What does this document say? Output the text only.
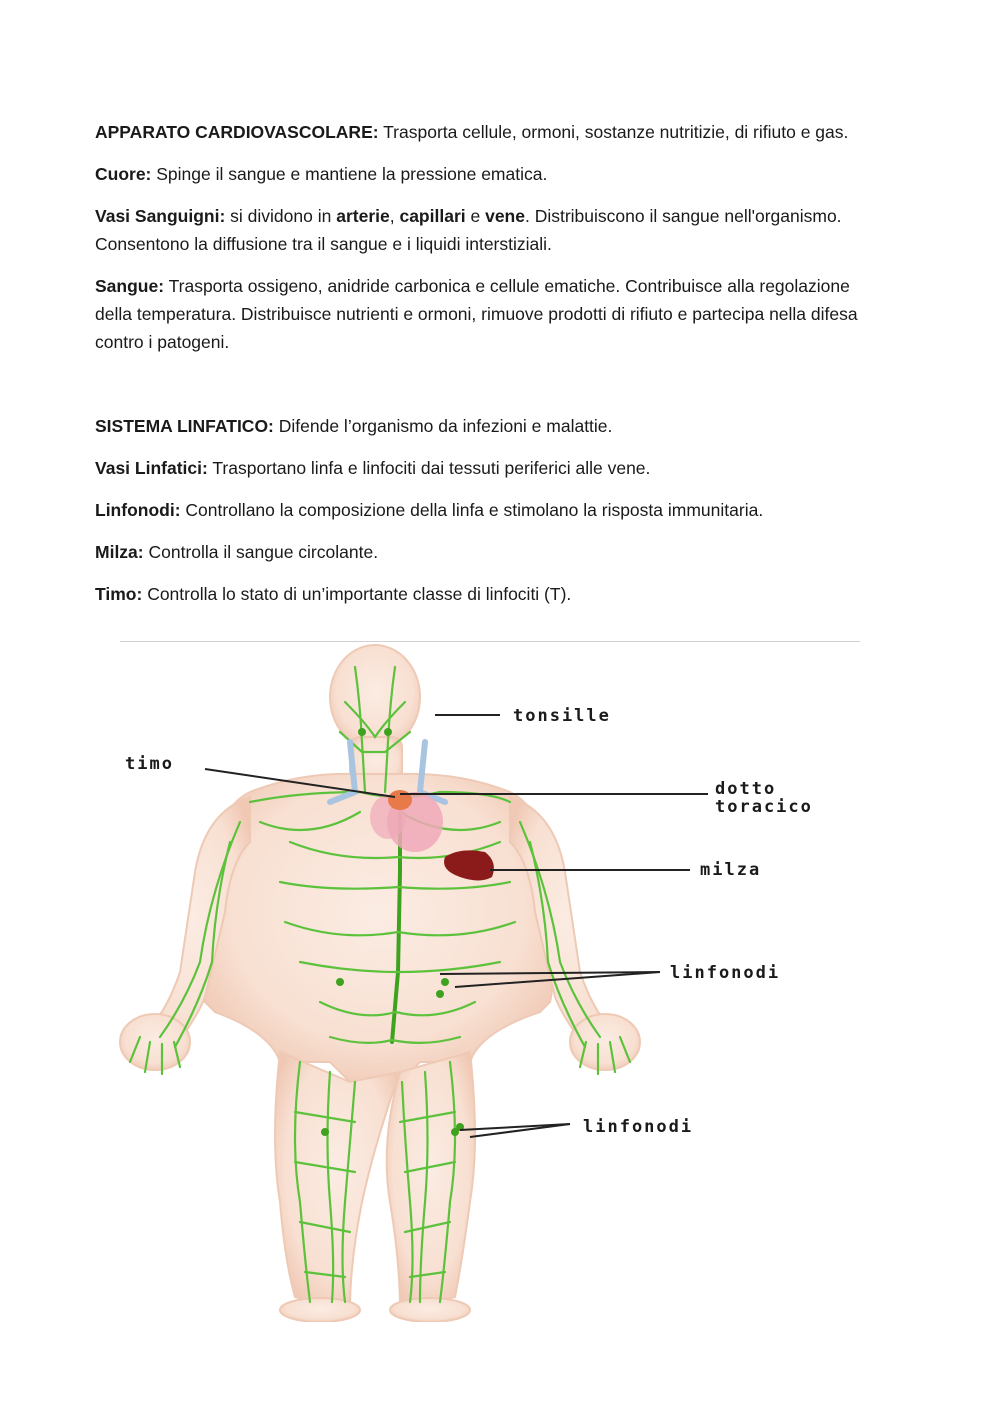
APPARATO CARDIOVASCOLARE: Trasporta cellule, ormoni, sostanze nutritizie, di rifiuto e gas.

Cuore: Spinge il sangue e mantiene la pressione ematica.

Vasi Sanguigni: si dividono in arterie, capillari e vene. Distribuiscono il sangue nell'organismo. Consentono la diffusione tra il sangue e i liquidi interstiziali.

Sangue: Trasporta ossigeno, anidride carbonica e cellule ematiche. Contribuisce alla regolazione della temperatura. Distribuisce nutrienti e ormoni, rimuove prodotti di rifiuto e partecipa nella difesa contro i patogeni.

SISTEMA LINFATICO: Difende l’organismo da infezioni e malattie.

Vasi Linfatici: Trasportano linfa e linfociti dai tessuti periferici alle vene.

Linfonodi: Controllano la composizione della linfa e stimolano la risposta immunitaria.

Milza: Controlla il sangue circolante.

Timo: Controlla lo stato di un’importante classe di linfociti (T).

tonsille
timo
dotto
toracico
milza
linfonodi
linfonodi
